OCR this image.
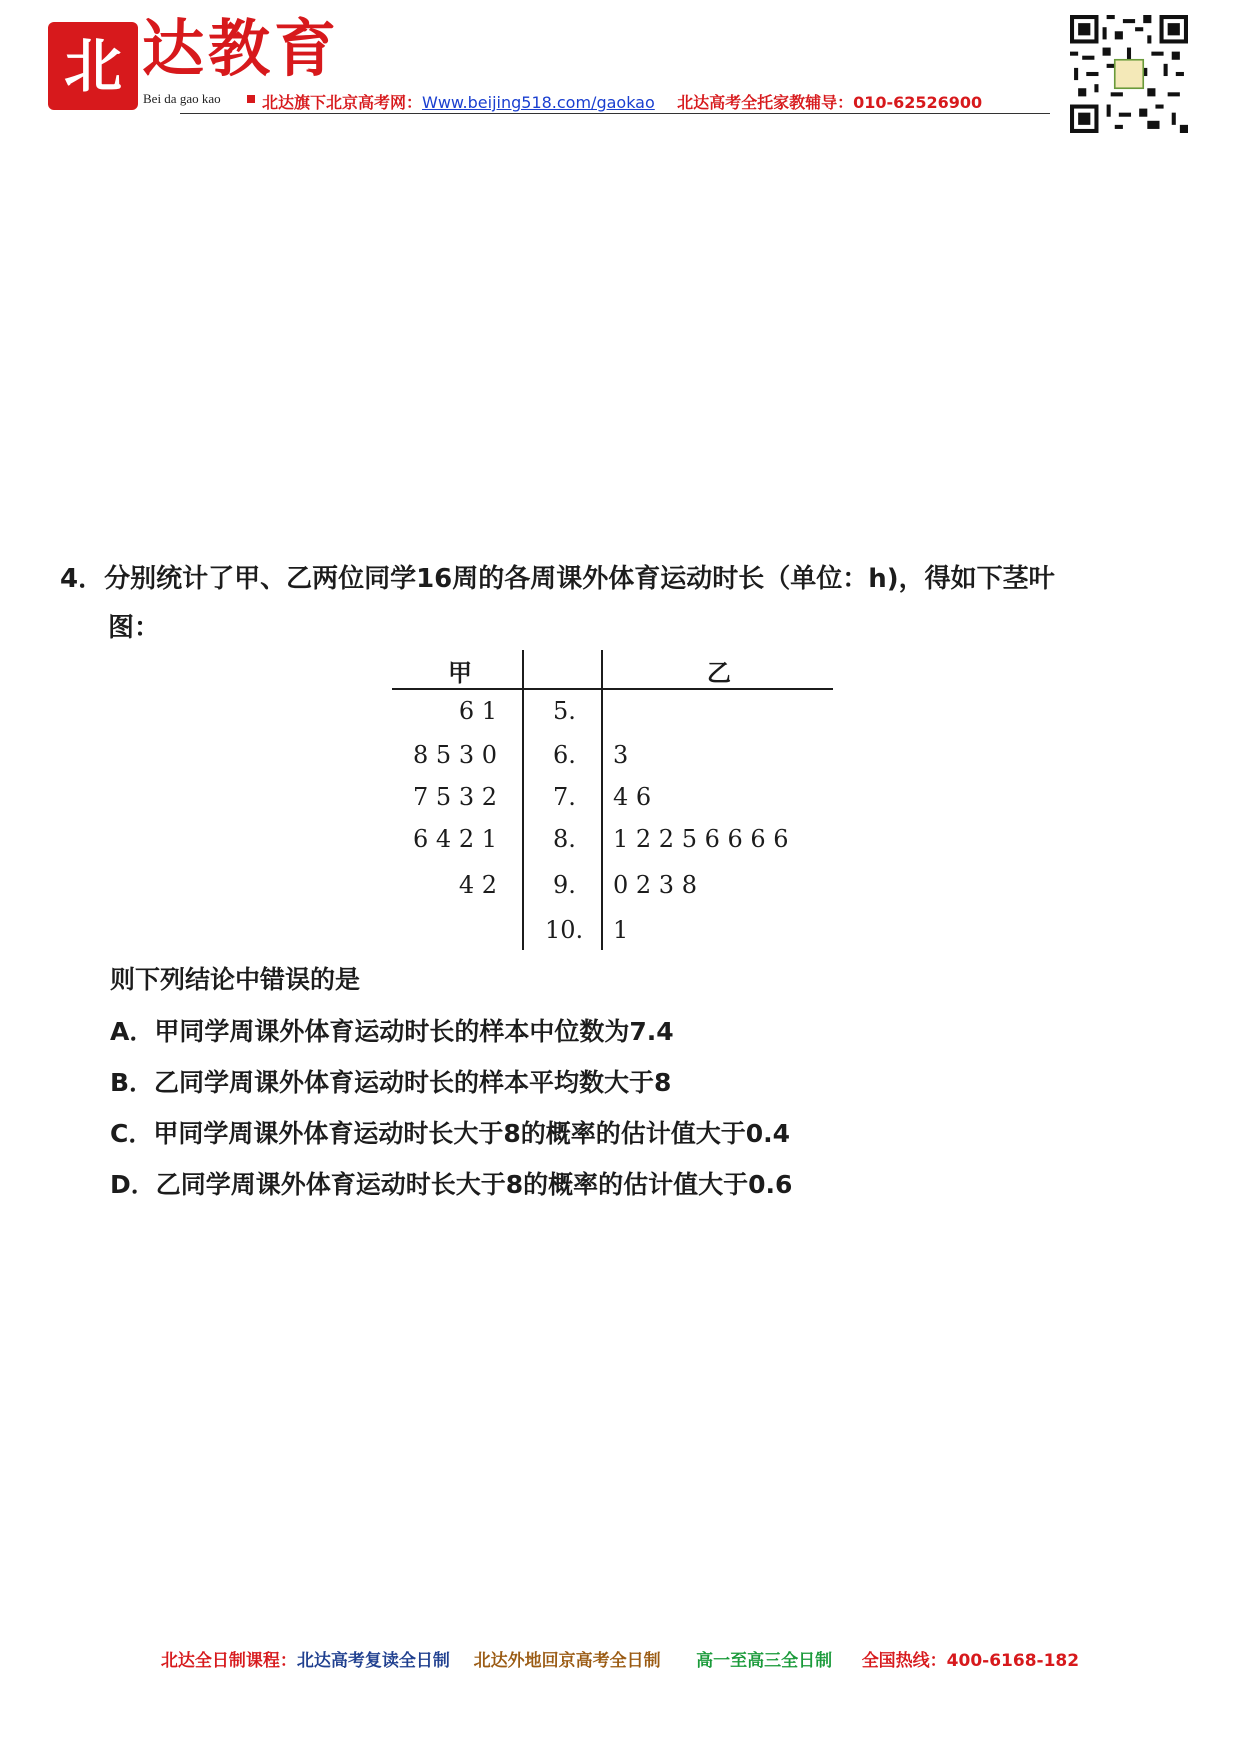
北 达教育
Bei da gao kao	北达旗下北京高考网：Www.beijing518.com/gaokao 北达高考全托家教辅导：010-62526900
4．分别统计了甲、乙两位同学16周的各周课外体育运动时长（单位：h)，得如下茎叶
图：
甲	乙
6 1 5.
8 5 3 0 6. 3
7 5 3 2 7. 4 6
6 4 2 1 8. 1 2 2 5 6 6 6 6
4 2 9. 0 2 3 8
10. 1
则下列结论中错误的是
A．甲同学周课外体育运动时长的样本中位数为7.4
B．乙同学周课外体育运动时长的样本平均数大于8
C．甲同学周课外体育运动时长大于8的概率的估计值大于0.4
D．乙同学周课外体育运动时长大于8的概率的估计值大于0.6
北达全日制课程：北达高考复读全日制 北达外地回京高考全日制 高一至高三全日制 全国热线：400-6168-182
